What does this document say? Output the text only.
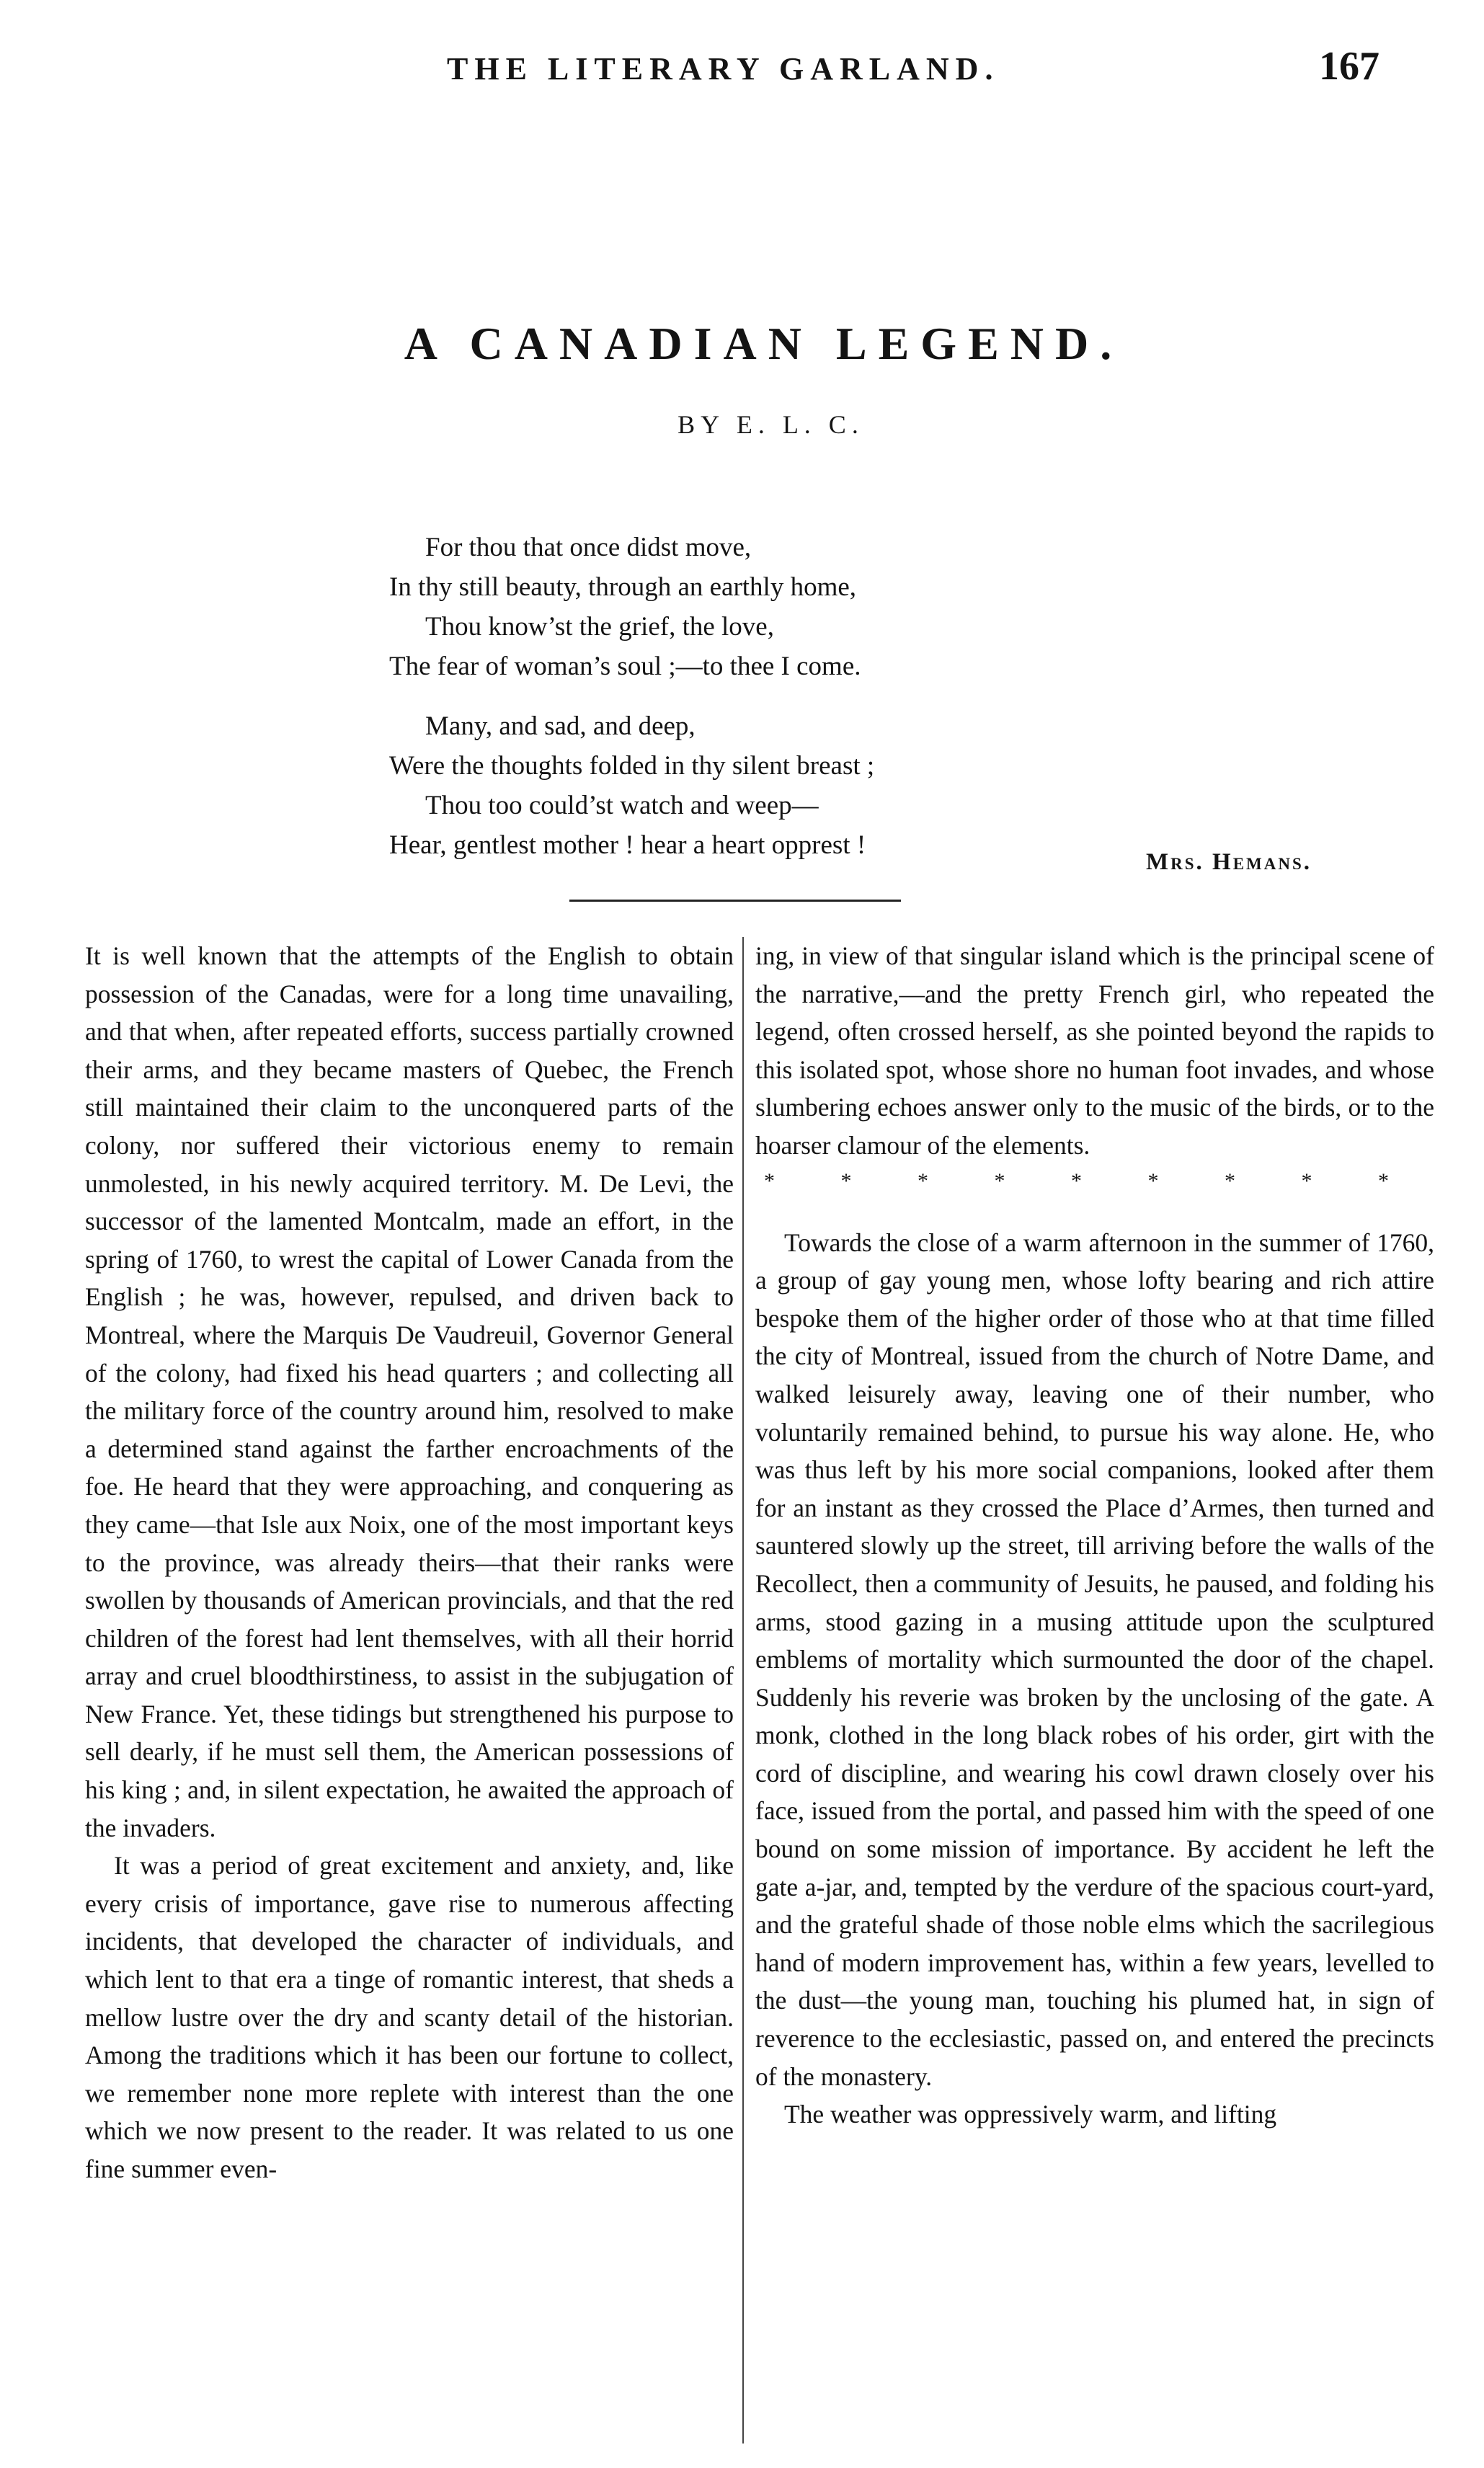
THE LITERARY GARLAND.	167
A CANADIAN LEGEND.
BY E. L. C.
For thou that once didst move,
In thy still beauty, through an earthly home,
Thou know’st the grief, the love,
The fear of woman’s soul ;—to thee I come.
Many, and sad, and deep,
Were the thoughts folded in thy silent breast ;
Thou too could’st watch and weep—
Hear, gentlest mother ! hear a heart opprest !
Mrs. Hemans.

It is well known that the attempts of the English to obtain possession of the Canadas, were for a long time unavailing, and that when, after repeated efforts, success partially crowned their arms, and they became masters of Quebec, the French still maintained their claim to the unconquered parts of the colony, nor suffered their victorious enemy to remain unmolested, in his newly acquired territory. M. De Levi, the successor of the lamented Montcalm, made an effort, in the spring of 1760, to wrest the capital of Lower Canada from the English ; he was, however, repulsed, and driven back to Montreal, where the Marquis De Vaudreuil, Governor General of the colony, had fixed his head quarters ; and collecting all the military force of the country around him, resolved to make a determined stand against the farther encroachments of the foe. He heard that they were approaching, and conquering as they came—that Isle aux Noix, one of the most important keys to the province, was already theirs—that their ranks were swollen by thousands of American provincials, and that the red children of the forest had lent themselves, with all their horrid array and cruel bloodthirstiness, to assist in the subjugation of New France. Yet, these tidings but strengthened his purpose to sell dearly, if he must sell them, the American possessions of his king ; and, in silent expectation, he awaited the approach of the invaders.

It was a period of great excitement and anxiety, and, like every crisis of importance, gave rise to numerous affecting incidents, that developed the character of individuals, and which lent to that era a tinge of romantic interest, that sheds a mellow lustre over the dry and scanty detail of the historian. Among the traditions which it has been our fortune to collect, we remember none more replete with interest than the one which we now present to the reader. It was related to us one fine summer even-

ing, in view of that singular island which is the principal scene of the narrative,—and the pretty French girl, who repeated the legend, often crossed herself, as she pointed beyond the rapids to this isolated spot, whose shore no human foot invades, and whose slumbering echoes answer only to the music of the birds, or to the hoarser clamour of the elements.

* * * * * * * * *

Towards the close of a warm afternoon in the summer of 1760, a group of gay young men, whose lofty bearing and rich attire bespoke them of the higher order of those who at that time filled the city of Montreal, issued from the church of Notre Dame, and walked leisurely away, leaving one of their number, who voluntarily remained behind, to pursue his way alone. He, who was thus left by his more social companions, looked after them for an instant as they crossed the Place d’Armes, then turned and sauntered slowly up the street, till arriving before the walls of the Recollect, then a community of Jesuits, he paused, and folding his arms, stood gazing in a musing attitude upon the sculptured emblems of mortality which surmounted the door of the chapel. Suddenly his reverie was broken by the unclosing of the gate. A monk, clothed in the long black robes of his order, girt with the cord of discipline, and wearing his cowl drawn closely over his face, issued from the portal, and passed him with the speed of one bound on some mission of importance. By accident he left the gate a-jar, and, tempted by the verdure of the spacious court-yard, and the grateful shade of those noble elms which the sacrilegious hand of modern improvement has, within a few years, levelled to the dust—the young man, touching his plumed hat, in sign of reverence to the ecclesiastic, passed on, and entered the precincts of the monastery.

The weather was oppressively warm, and lifting
